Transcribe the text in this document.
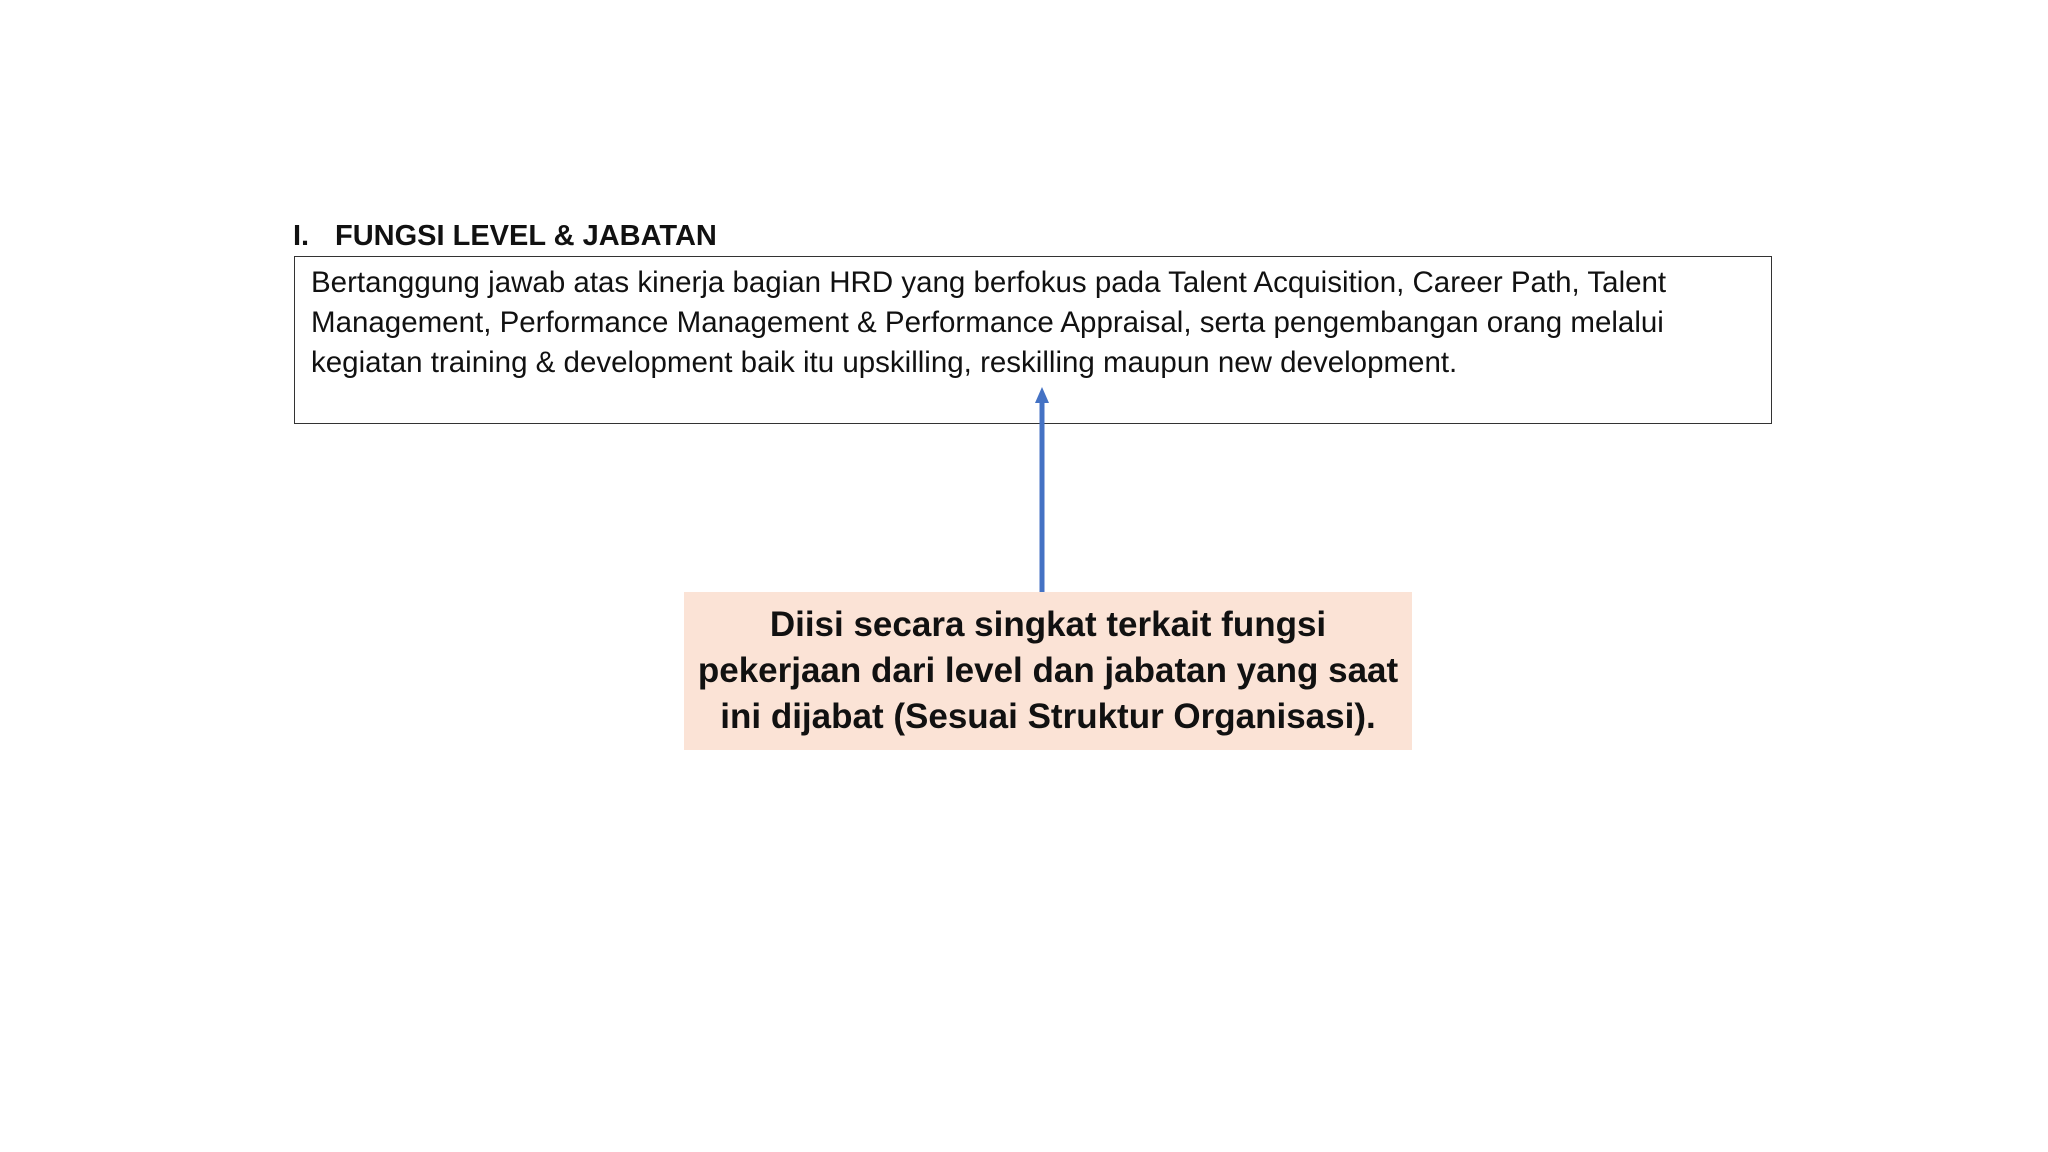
I. FUNGSI LEVEL & JABATAN

Bertanggung jawab atas kinerja bagian HRD yang berfokus pada Talent Acquisition, Career Path, Talent Management, Performance Management & Performance Appraisal, serta pengembangan orang melalui kegiatan training & development baik itu upskilling, reskilling maupun new development.

Diisi secara singkat terkait fungsi pekerjaan dari level dan jabatan yang saat ini dijabat (Sesuai Struktur Organisasi).
